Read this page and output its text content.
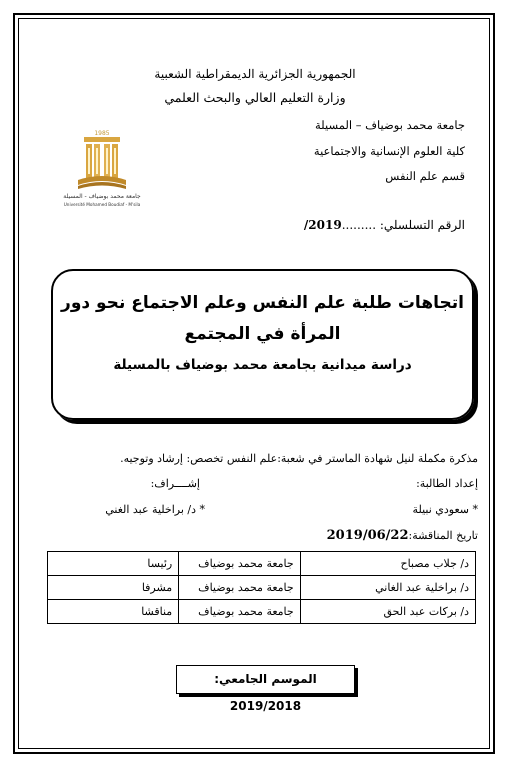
الجمهورية الجزائرية الديمقراطية الشعبية
وزارة التعليم العالي والبحث العلمي
جامعة محمد بوضياف – المسيلة
كلية العلوم الإنسانية والاجتماعية
قسم علم النفس
1985
جامعة محمد بوضياف - المسيلة
Université Mohamed Boudiaf - M'sila
الرقم التسلسلي: .........2019/
اتجاهات طلبة علم النفس وعلم الاجتماع نحو دور
المرأة في المجتمع
دراسة ميدانية بجامعة محمد بوضياف بالمسيلة
مذكرة مكملة لنيل شهادة الماستر في شعبة:علم النفس تخصص: إرشاد وتوجيه.
إعداد الطالبة:
إشــــراف:
* سعودي نبيلة
* د/ براخلية عبد الغني
تاريخ المناقشة:2019/06/22
د/ جلاب مصباح	جامعة محمد بوضياف	رئيسا
د/ براخلية عبد الغاني	جامعة محمد بوضياف	مشرفا
د/ بركات عبد الحق	جامعة محمد بوضياف	مناقشا
الموسم الجامعي: 2019/2018
